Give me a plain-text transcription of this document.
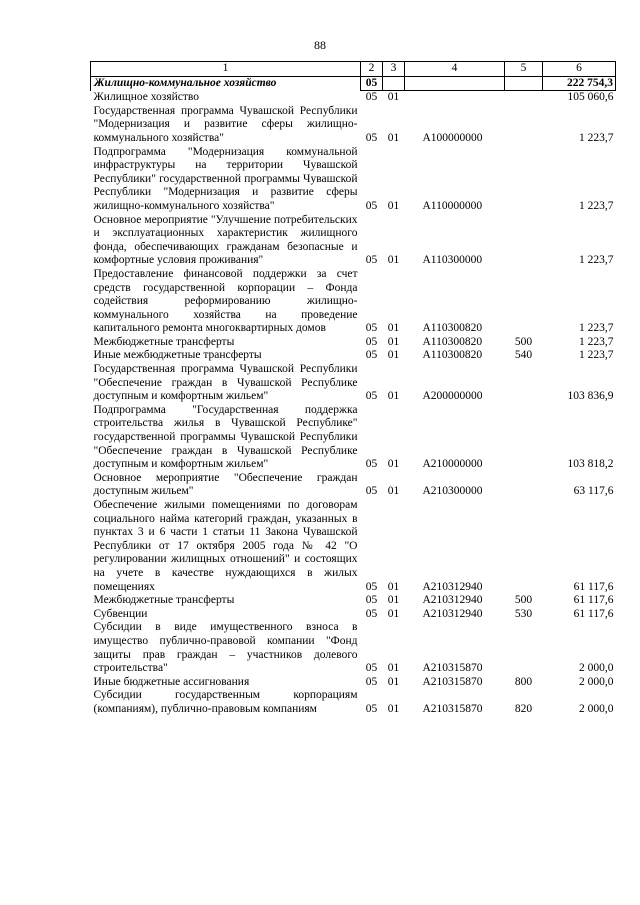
88
1	2	3	4	5	6
Жилищно-коммунальное хозяйство	05				222 754,3
Жилищное хозяйство	05	01			105 060,6
Государственная программа Чувашской Республики "Модернизация и развитие сферы жилищно-коммунального хозяйства"	05	01	A100000000		1 223,7
Подпрограмма "Модернизация коммунальной инфраструктуры на территории Чувашской Республики" государственной программы Чувашской Республики "Модернизация и развитие сферы жилищно-коммунального хозяйства"	05	01	A110000000		1 223,7
Основное мероприятие "Улучшение потребительских и эксплуатационных характеристик жилищного фонда, обеспечивающих гражданам безопасные и комфортные условия проживания"	05	01	A110300000		1 223,7
Предоставление финансовой поддержки за счет средств государственной корпорации – Фонда содействия реформированию жилищно-коммунального хозяйства на проведение капитального ремонта многоквартирных домов	05	01	A110300820		1 223,7
Межбюджетные трансферты	05	01	A110300820	500	1 223,7
Иные межбюджетные трансферты	05	01	A110300820	540	1 223,7
Государственная программа Чувашской Республики "Обеспечение граждан в Чувашской Республике доступным и комфортным жильем"	05	01	A200000000		103 836,9
Подпрограмма "Государственная поддержка строительства жилья в Чувашской Республике" государственной программы Чувашской Республики "Обеспечение граждан в Чувашской Республике доступным и комфортным жильем"	05	01	A210000000		103 818,2
Основное мероприятие "Обеспечение граждан доступным жильем"	05	01	A210300000		63 117,6
Обеспечение жилыми помещениями по договорам социального найма категорий граждан, указанных в пунктах 3 и 6 части 1 статьи 11 Закона Чувашской Республики от 17 октября 2005 года № 42 "О регулировании жилищных отношений" и состоящих на учете в качестве нуждающихся в жилых помещениях	05	01	A210312940		61 117,6
Межбюджетные трансферты	05	01	A210312940	500	61 117,6
Субвенции	05	01	A210312940	530	61 117,6
Субсидии в виде имущественного взноса в имущество публично-правовой компании "Фонд защиты прав граждан – участников долевого строительства"	05	01	A210315870		2 000,0
Иные бюджетные ассигнования	05	01	A210315870	800	2 000,0
Субсидии государственным корпорациям (компаниям), публично-правовым компаниям	05	01	A210315870	820	2 000,0
